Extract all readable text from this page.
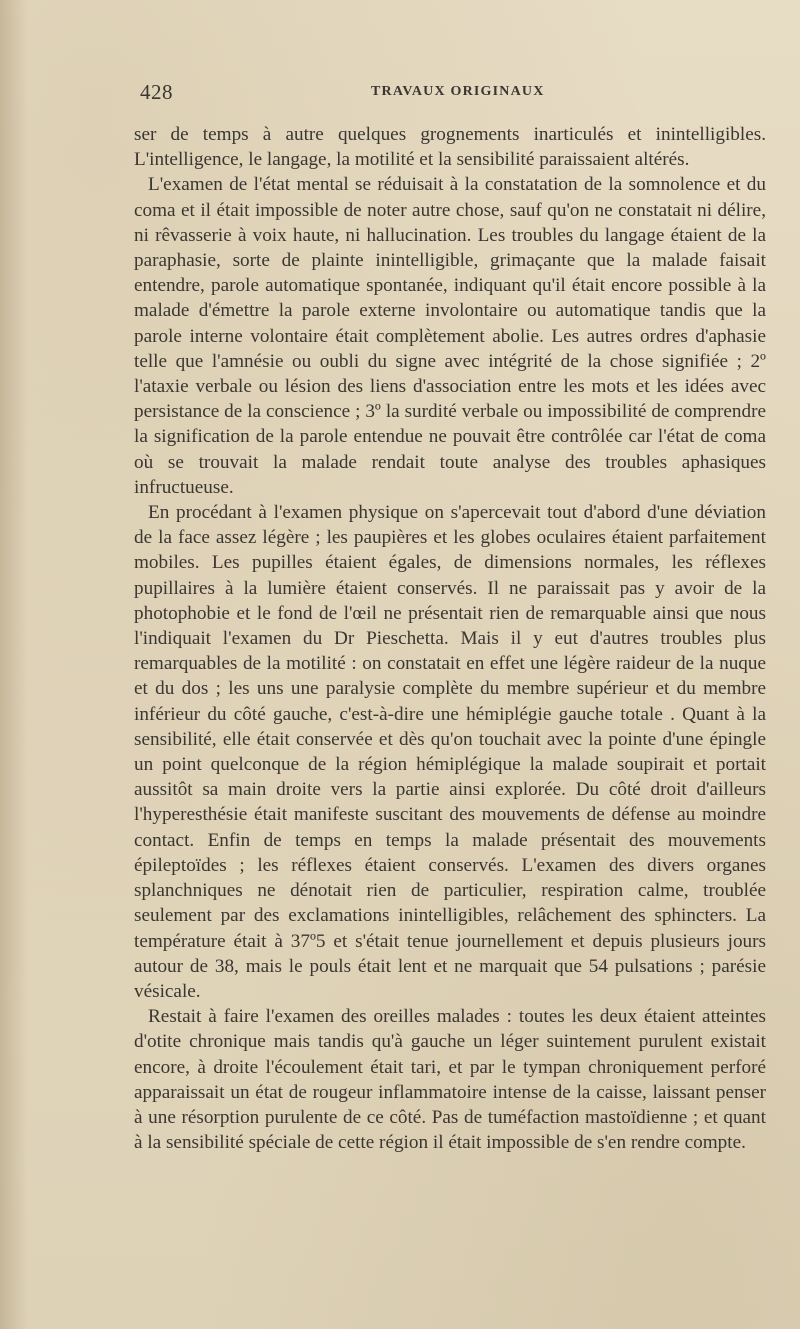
428	TRAVAUX ORIGINAUX

ser de temps à autre quelques grognements inarticulés et inintelligibles. L'intelligence, le langage, la motilité et la sensibilité paraissaient altérés.

L'examen de l'état mental se réduisait à la constatation de la somnolence et du coma et il était impossible de noter autre chose, sauf qu'on ne constatait ni délire, ni rêvasserie à voix haute, ni hallucination. Les troubles du langage étaient de la paraphasie, sorte de plainte inintelligible, grimaçante que la malade faisait entendre, parole automatique spontanée, indiquant qu'il était encore possible à la malade d'émettre la parole externe involontaire ou automatique tandis que la parole interne volontaire était complètement abolie. Les autres ordres d'aphasie telle que l'amnésie ou oubli du signe avec intégrité de la chose signifiée ; 2º l'ataxie verbale ou lésion des liens d'association entre les mots et les idées avec persistance de la conscience ; 3º la surdité verbale ou impossibilité de comprendre la signification de la parole entendue ne pouvait être contrôlée car l'état de coma où se trouvait la malade rendait toute analyse des troubles aphasiques infructueuse.

En procédant à l'examen physique on s'apercevait tout d'abord d'une déviation de la face assez légère ; les paupières et les globes oculaires étaient parfaitement mobiles. Les pupilles étaient égales, de dimensions normales, les réflexes pupillaires à la lumière étaient conservés. Il ne paraissait pas y avoir de la photophobie et le fond de l'œil ne présentait rien de remarquable ainsi que nous l'indiquait l'examen du Dr Pieschetta. Mais il y eut d'autres troubles plus remarquables de la motilité : on constatait en effet une légère raideur de la nuque et du dos ; les uns une paralysie complète du membre supérieur et du membre inférieur du côté gauche, c'est-à-dire une hémiplégie gauche totale . Quant à la sensibilité, elle était conservée et dès qu'on touchait avec la pointe d'une épingle un point quelconque de la région hémiplégique la malade soupirait et portait aussitôt sa main droite vers la partie ainsi explorée. Du côté droit d'ailleurs l'hyperesthésie était manifeste suscitant des mouvements de défense au moindre contact. Enfin de temps en temps la malade présentait des mouvements épileptoïdes ; les réflexes étaient conservés. L'examen des divers organes splanchniques ne dénotait rien de particulier, respiration calme, troublée seulement par des exclamations inintelligibles, relâchement des sphincters. La température était à 37º5 et s'était tenue journellement et depuis plusieurs jours autour de 38, mais le pouls était lent et ne marquait que 54 pulsations ; parésie vésicale.

Restait à faire l'examen des oreilles malades : toutes les deux étaient atteintes d'otite chronique mais tandis qu'à gauche un léger suintement purulent existait encore, à droite l'écoulement était tari, et par le tympan chroniquement perforé apparaissait un état de rougeur inflammatoire intense de la caisse, laissant penser à une résorption purulente de ce côté. Pas de tuméfaction mastoïdienne ; et quant à la sensibilité spéciale de cette région il était impossible de s'en rendre compte.
